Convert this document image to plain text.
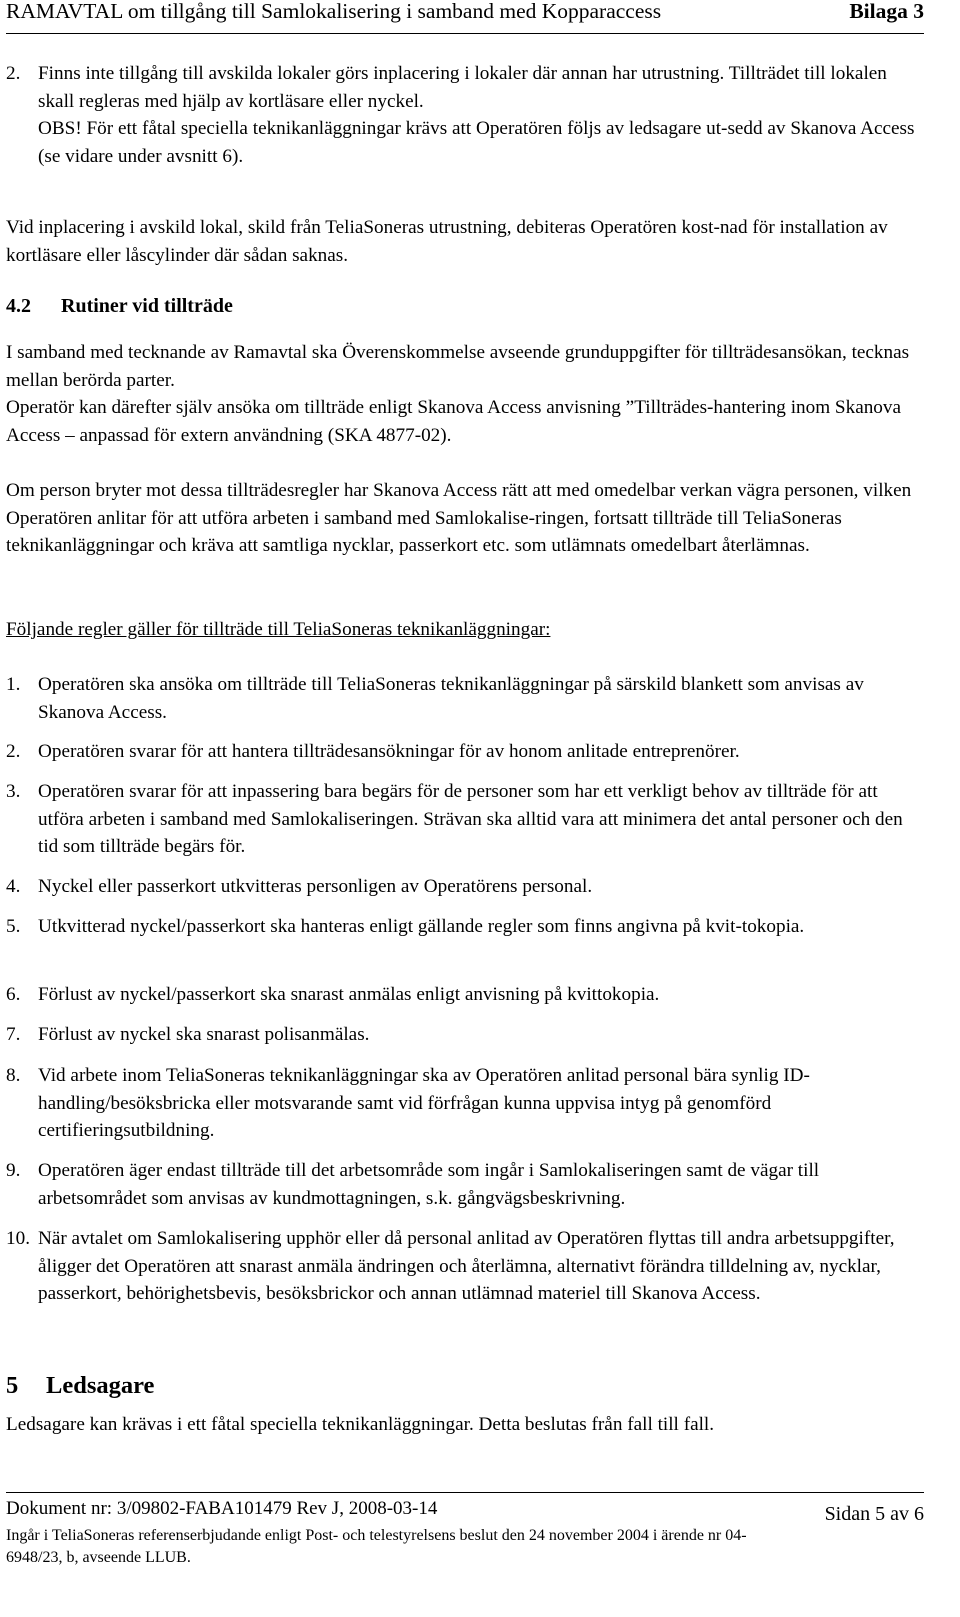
RAMAVTAL om tillgång till Samlokalisering i samband med Kopparaccess	Bilaga 3
2. Finns inte tillgång till avskilda lokaler görs inplacering i lokaler där annan har utrustning. Tillträdet till lokalen skall regleras med hjälp av kortläsare eller nyckel.

OBS! För ett fåtal speciella teknikanläggningar krävs att Operatören följs av ledsagare ut-sedd av Skanova Access (se vidare under avsnitt 6).

Vid inplacering i avskild lokal, skild från TeliaSoneras utrustning, debiteras Operatören kost-nad för installation av kortläsare eller låscylinder där sådan saknas.

4.2 Rutiner vid tillträde

I samband med tecknande av Ramavtal ska Överenskommelse avseende grunduppgifter för tillträdesansökan, tecknas mellan berörda parter.

Operatör kan därefter själv ansöka om tillträde enligt Skanova Access anvisning ”Tillträdes-hantering inom Skanova Access – anpassad för extern användning (SKA 4877-02).

Om person bryter mot dessa tillträdesregler har Skanova Access rätt att med omedelbar verkan vägra personen, vilken Operatören anlitar för att utföra arbeten i samband med Samlokalise-ringen, fortsatt tillträde till TeliaSoneras teknikanläggningar och kräva att samtliga nycklar, passerkort etc. som utlämnats omedelbart återlämnas.

Följande regler gäller för tillträde till TeliaSoneras teknikanläggningar:

1. Operatören ska ansöka om tillträde till TeliaSoneras teknikanläggningar på särskild blankett som anvisas av Skanova Access.
2. Operatören svarar för att hantera tillträdesansökningar för av honom anlitade entreprenörer.
3. Operatören svarar för att inpassering bara begärs för de personer som har ett verkligt behov av tillträde för att utföra arbeten i samband med Samlokaliseringen. Strävan ska alltid vara att minimera det antal personer och den tid som tillträde begärs för.
4. Nyckel eller passerkort utkvitteras personligen av Operatörens personal.
5. Utkvitterad nyckel/passerkort ska hanteras enligt gällande regler som finns angivna på kvit-tokopia.
6. Förlust av nyckel/passerkort ska snarast anmälas enligt anvisning på kvittokopia.
7. Förlust av nyckel ska snarast polisanmälas.
8. Vid arbete inom TeliaSoneras teknikanläggningar ska av Operatören anlitad personal bära synlig ID-handling/besöksbricka eller motsvarande samt vid förfrågan kunna uppvisa intyg på genomförd certifieringsutbildning.
9. Operatören äger endast tillträde till det arbetsområde som ingår i Samlokaliseringen samt de vägar till arbetsområdet som anvisas av kundmottagningen, s.k. gångvägsbeskrivning.
10. När avtalet om Samlokalisering upphör eller då personal anlitad av Operatören flyttas till andra arbetsuppgifter, åligger det Operatören att snarast anmäla ändringen och återlämna, alternativt förändra tilldelning av, nycklar, passerkort, behörighetsbevis, besöksbrickor och annan utlämnad materiel till Skanova Access.
5 Ledsagare

Ledsagare kan krävas i ett fåtal speciella teknikanläggningar. Detta beslutas från fall till fall.

Dokument nr: 3/09802-FABA101479 Rev J, 2008-03-14	Sidan 5 av 6
Ingår i TeliaSoneras referenserbjudande enligt Post- och telestyrelsens beslut den 24 november 2004 i ärende nr 04-6948/23, b, avseende LLUB.
